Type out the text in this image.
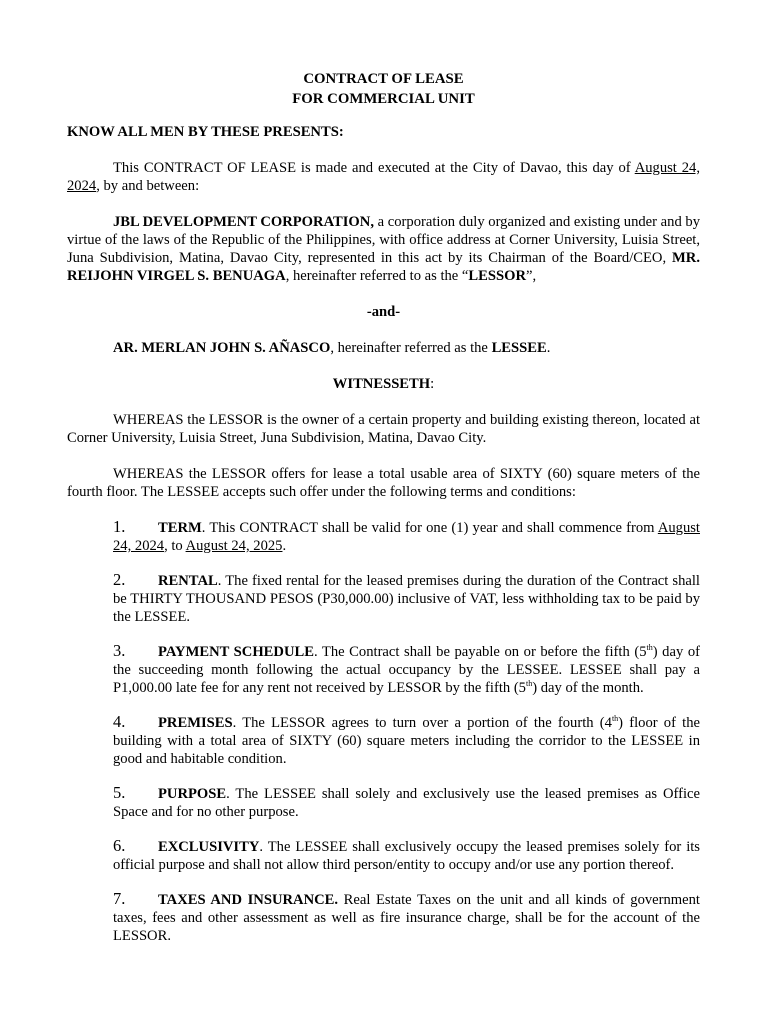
CONTRACT OF LEASE
FOR COMMERCIAL UNIT
KNOW ALL MEN BY THESE PRESENTS:

This CONTRACT OF LEASE is made and executed at the City of Davao, this day of August 24, 2024, by and between:

JBL DEVELOPMENT CORPORATION, a corporation duly organized and existing under and by virtue of the laws of the Republic of the Philippines, with office address at Corner University, Luisia Street, Juna Subdivision, Matina, Davao City, represented in this act by its Chairman of the Board/CEO, MR. REIJOHN VIRGEL S. BENUAGA, hereinafter referred to as the “LESSOR”,

-and-

AR. MERLAN JOHN S. AÑASCO, hereinafter referred as the LESSEE.

WITNESSETH:

WHEREAS the LESSOR is the owner of a certain property and building existing thereon, located at Corner University, Luisia Street, Juna Subdivision, Matina, Davao City.

WHEREAS the LESSOR offers for lease a total usable area of SIXTY (60) square meters of the fourth floor. The LESSEE accepts such offer under the following terms and conditions:

1.	TERM. This CONTRACT shall be valid for one (1) year and shall commence from August 24, 2024, to August 24, 2025.
2.	RENTAL. The fixed rental for the leased premises during the duration of the Contract shall be THIRTY THOUSAND PESOS (P30,000.00) inclusive of VAT, less withholding tax to be paid by the LESSEE.
3.	PAYMENT SCHEDULE. The Contract shall be payable on or before the fifth (5th) day of the succeeding month following the actual occupancy by the LESSEE. LESSEE shall pay a P1,000.00 late fee for any rent not received by LESSOR by the fifth (5th) day of the month.
4.	PREMISES. The LESSOR agrees to turn over a portion of the fourth (4th) floor of the building with a total area of SIXTY (60) square meters including the corridor to the LESSEE in good and habitable condition.
5.	PURPOSE. The LESSEE shall solely and exclusively use the leased premises as Office Space and for no other purpose.
6.	EXCLUSIVITY. The LESSEE shall exclusively occupy the leased premises solely for its official purpose and shall not allow third person/entity to occupy and/or use any portion thereof.
7.	TAXES AND INSURANCE. Real Estate Taxes on the unit and all kinds of government taxes, fees and other assessment as well as fire insurance charge, shall be for the account of the LESSOR.
